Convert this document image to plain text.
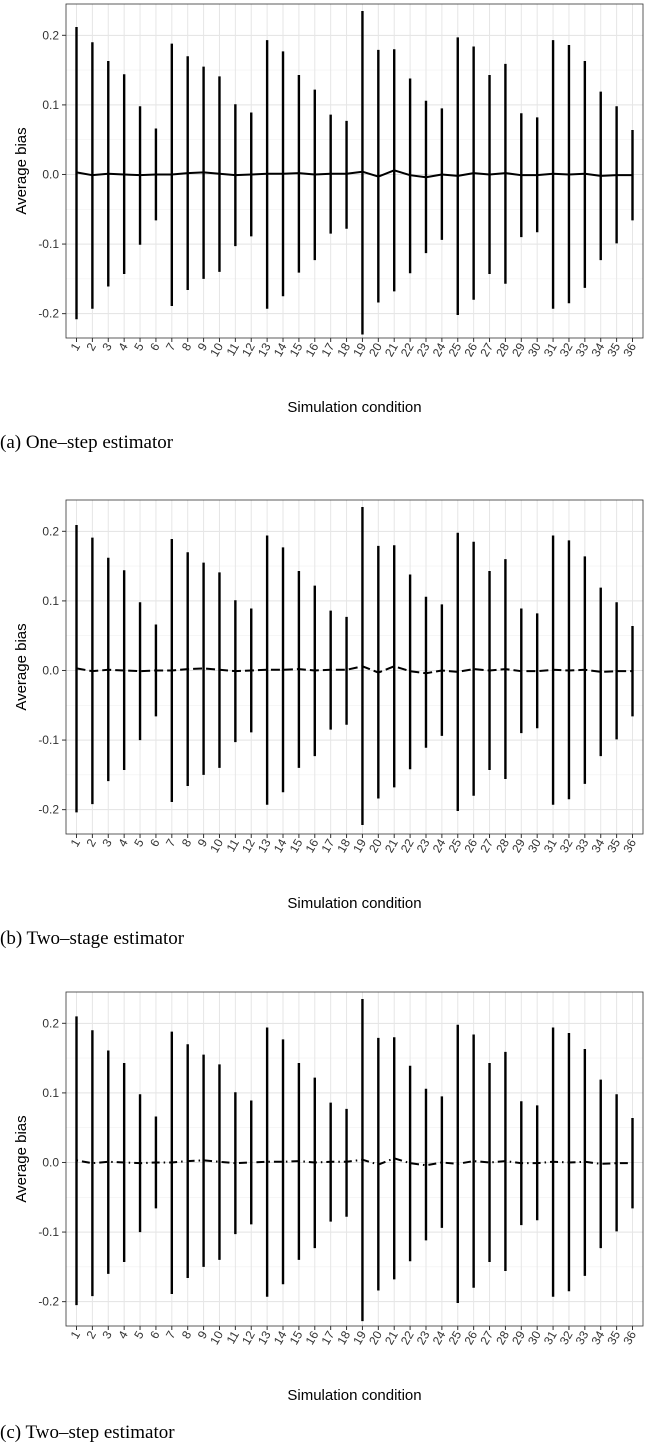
-0.2
-0.1
0.0
0.1
0.2
1 2 3 4 5 6 7 8 9
10
11
12
13
14
15
16
17
18
19
20
21
22
23
24
25
26
27
28
29
30
31
32
33
34
35
36
Simulation condition
Average bias
(a) One–step estimator
-0.2
-0.1
0.0
0.1
0.2
1 2 3 4 5 6 7 8 9
10
11
12
13
14
15
16
17
18
19
20
21
22
23
24
25
26
27
28
29
30
31
32
33
34
35
36
Simulation condition
Average bias
(b) Two–stage estimator
-0.2
-0.1
0.0
0.1
0.2
1 2 3 4 5 6 7 8 9
10
11
12
13
14
15
16
17
18
19
20
21
22
23
24
25
26
27
28
29
30
31
32
33
34
35
36
Simulation condition
Average bias
(c) Two–step estimator
